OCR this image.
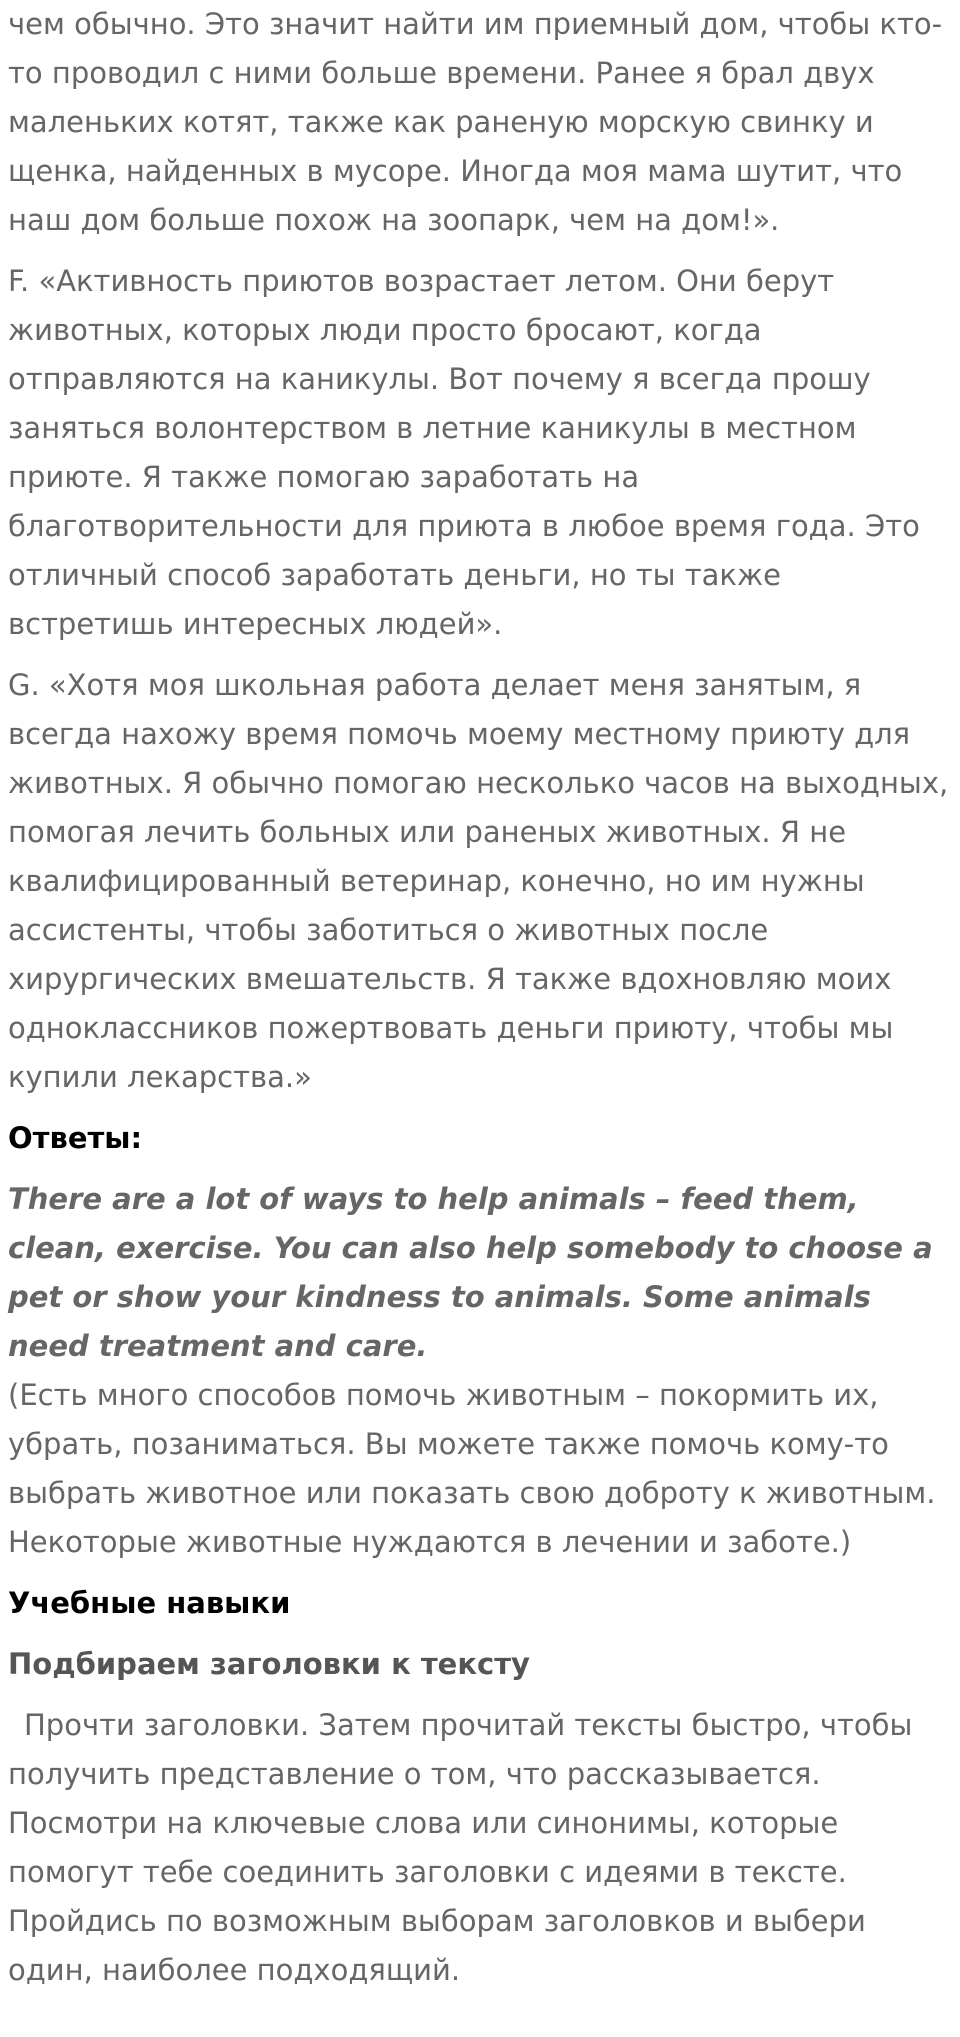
чем обычно. Это значит найти им приемный дом, чтобы кто-то проводил с ними больше времени. Ранее я брал двух маленьких котят, также как раненую морскую свинку и щенка, найденных в мусоре. Иногда моя мама шутит, что наш дом больше похож на зоопарк, чем на дом!».

F. «Активность приютов возрастает летом. Они берут животных, которых люди просто бросают, когда отправляются на каникулы. Вот почему я всегда прошу заняться волонтерством в летние каникулы в местном приюте. Я также помогаю заработать на благотворительности для приюта в любое время года. Это отличный способ заработать деньги, но ты также встретишь интересных людей».

G. «Хотя моя школьная работа делает меня занятым, я всегда нахожу время помочь моему местному приюту для животных. Я обычно помогаю несколько часов на выходных, помогая лечить больных или раненых животных. Я не квалифицированный ветеринар, конечно, но им нужны ассистенты, чтобы заботиться о животных после хирургических вмешательств. Я также вдохновляю моих одноклассников пожертвовать деньги приюту, чтобы мы купили лекарства.»

Ответы:

There are a lot of ways to help animals – feed them, clean, exercise. You can also help somebody to choose a pet or show your kindness to animals. Some animals need treatment and care.

(Есть много способов помочь животным – покормить их, убрать, позаниматься. Вы можете также помочь кому-то выбрать животное или показать свою доброту к животным. Некоторые животные нуждаются в лечении и заботе.)

Учебные навыки

Подбираем заголовки к тексту

Прочти заголовки. Затем прочитай тексты быстро, чтобы получить представление о том, что рассказывается. Посмотри на ключевые слова или синонимы, которые помогут тебе соединить заголовки с идеями в тексте. Пройдись по возможным выборам заголовков и выбери один, наиболее подходящий.
